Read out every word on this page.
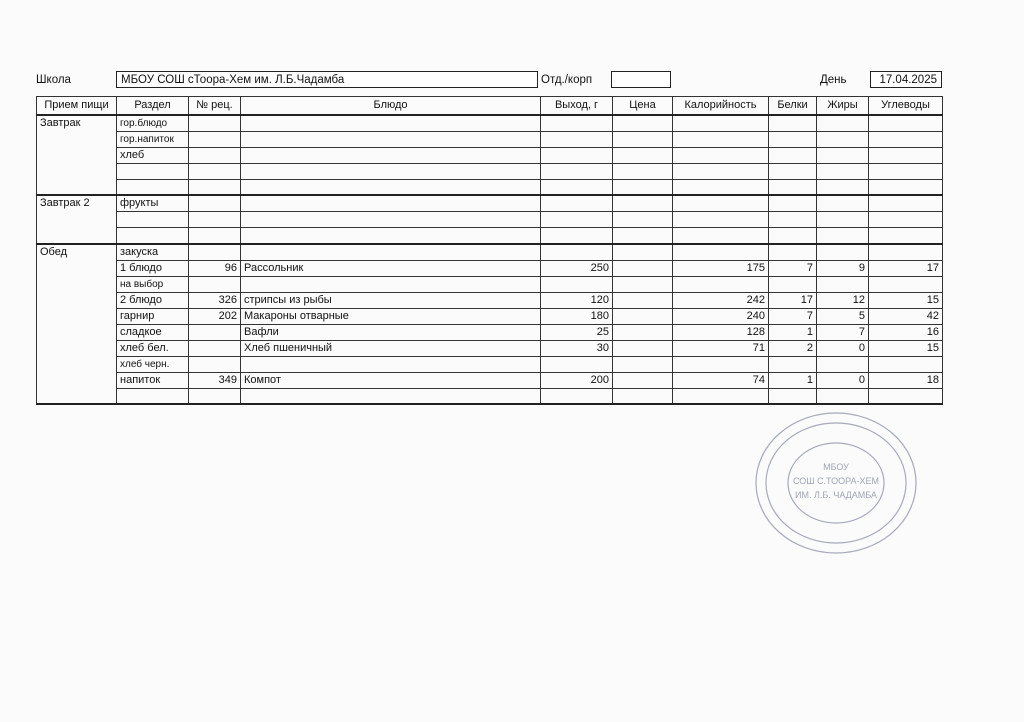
Школа	МБОУ СОШ сТоора-Хем им. Л.Б.Чадамба	Отд./корп	День	17.04.2025
Прием пищи	Раздел	№ рец.	Блюдо	Выход, г	Цена	Калорийность	Белки	Жиры	Углеводы
Завтрак	гор.блюдо								
	гор.напиток								
	хлеб								

Завтрак 2	фрукты								

Обед	закуска								
	1 блюдо	96	Рассольник	250		175	7	9	17
	на выбор								
	2 блюдо	326	стрипсы из рыбы	120		242	17	12	15
	гарнир	202	Макароны отварные	180		240	7	5	42
	сладкое		Вафли	25		128	1	7	16
	хлеб бел.		Хлеб пшеничный	30		71	2	0	15
	хлеб черн.								
	напиток	349	Компот	200		74	1	0	18

МБОУ
СОШ С.ТООРА-ХЕМ
ИМ. Л.Б. ЧАДАМБА
